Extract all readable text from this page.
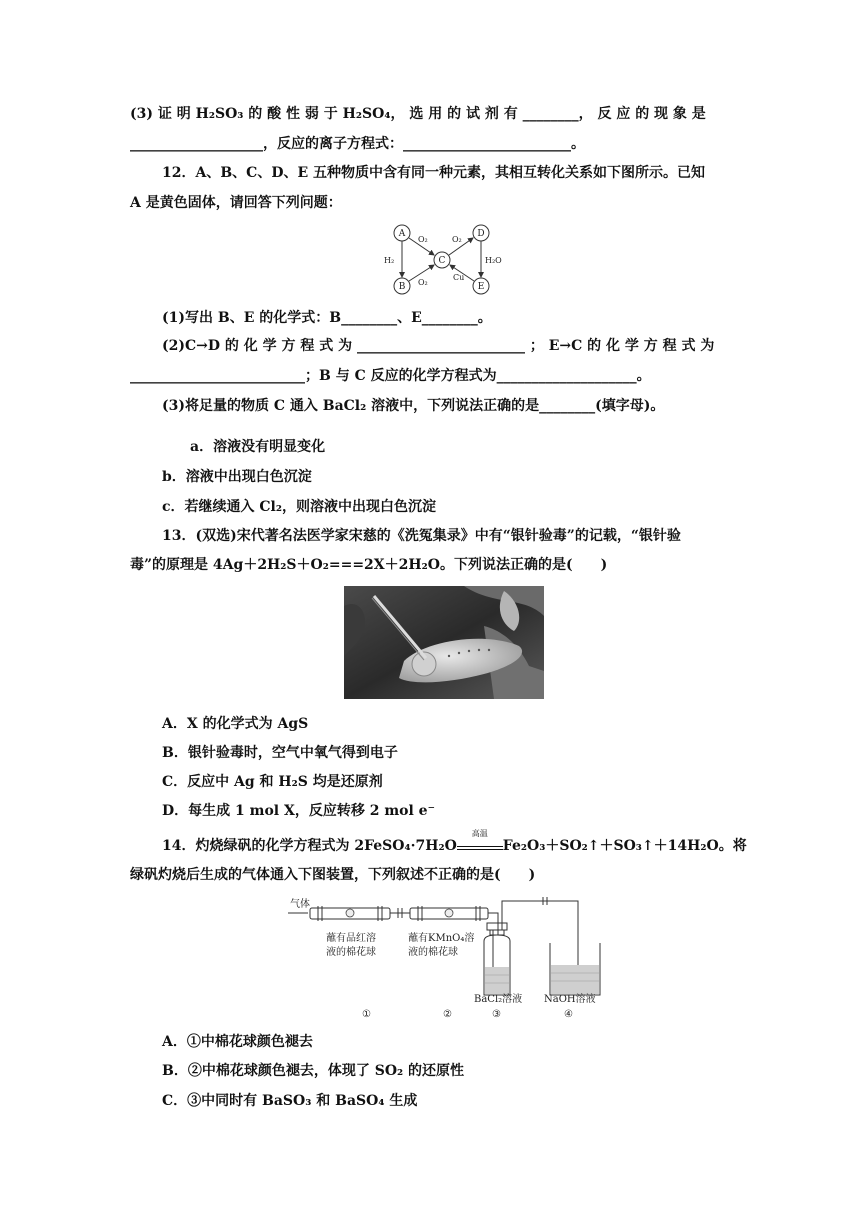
(3) 证 明 H₂SO₃ 的 酸 性 弱 于 H₂SO₄， 选 用 的 试 剂 有 ________， 反 应 的 现 象 是
___________________，反应的离子方程式：________________________。
12．A、B、C、D、E 五种物质中含有同一种元素，其相互转化关系如下图所示。已知
A 是黄色固体，请回答下列问题：
A
B
C
D
E
O₂
O₂
H₂
O₂
Cu
H₂O
(1)写出 B、E 的化学式：B________、E________。
(2)C→D 的 化 学 方 程 式 为 ________________________ ； E→C 的 化 学 方 程 式 为
_________________________；B 与 C 反应的化学方程式为____________________。
(3)将足量的物质 C 通入 BaCl₂ 溶液中，下列说法正确的是________(填字母)。
a．溶液没有明显变化
b．溶液中出现白色沉淀
c．若继续通入 Cl₂，则溶液中出现白色沉淀
13．(双选)宋代著名法医学家宋慈的《洗冤集录》中有“银针验毒”的记载，“银针验
毒”的原理是 4Ag＋2H₂S＋O₂===2X＋2H₂O。下列说法正确的是(　　)
A．X 的化学式为 AgS
B．银针验毒时，空气中氧气得到电子
C．反应中 Ag 和 H₂S 均是还原剂
D．每生成 1 mol X，反应转移 2 mol e⁻
14．灼烧绿矾的化学方程式为 2FeSO₄·7H₂O
高温
Fe₂O₃＋SO₂↑＋SO₃↑＋14H₂O。将
绿矾灼烧后生成的气体通入下图装置，下列叙述不正确的是(　　)
气体
蘸有品红溶
液的棉花球
蘸有KMnO₄溶
液的棉花球
BaCl₂溶液 NaOH溶液
①	②	③	④
A．①中棉花球颜色褪去
B．②中棉花球颜色褪去，体现了 SO₂ 的还原性
C．③中同时有 BaSO₃ 和 BaSO₄ 生成
